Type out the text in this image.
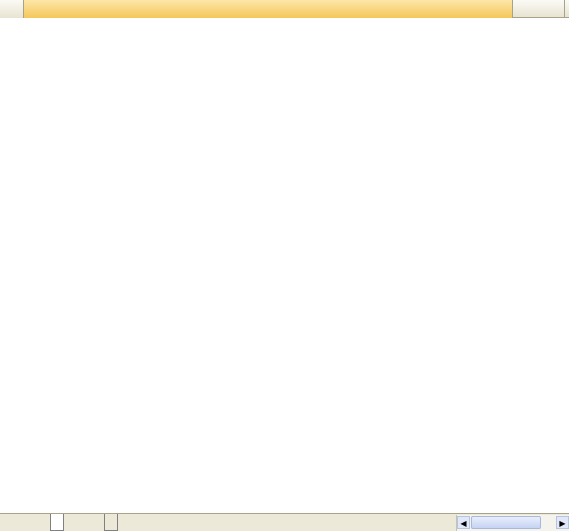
◀	▶
